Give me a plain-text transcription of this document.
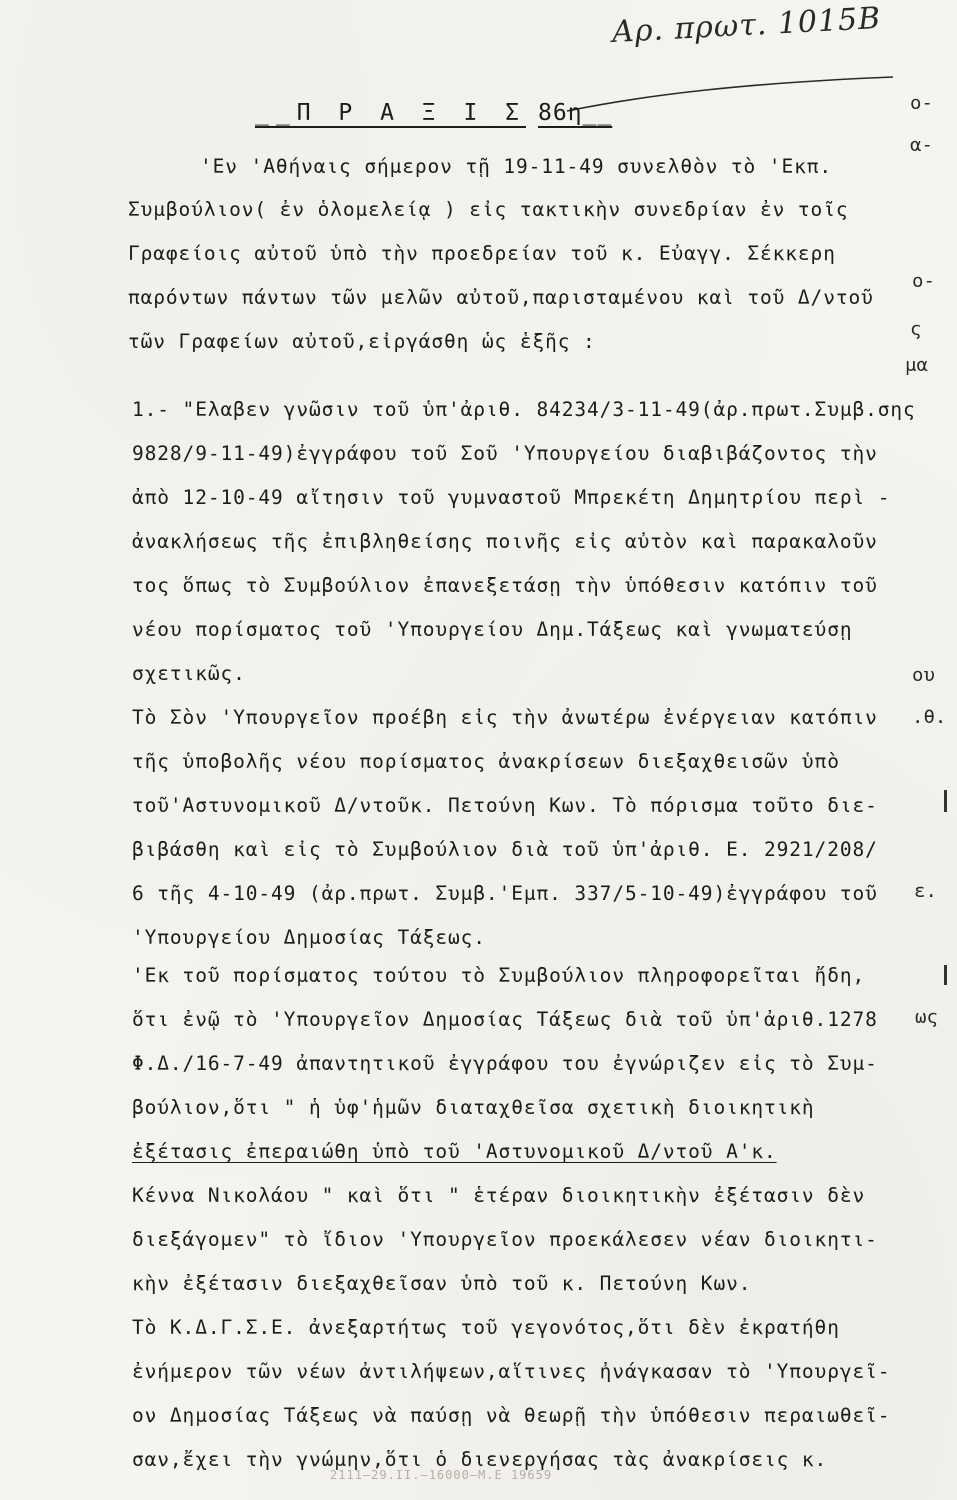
Αρ. πρωτ. 1015Β
__Π Ρ Α Ξ Ι Σ 86η__
'Εν 'Αθήναις σήμερον τῇ 19-11-49 συνελθὸν τὸ 'Εκπ.
Συμβούλιον( ἐν ὁλομελείᾳ ) εἰς τακτικὴν συνεδρίαν ἐν τοῖς
Γραφείοις αὐτοῦ ὑπὸ τὴν προεδρείαν τοῦ κ. Εὐαγγ. Σέκκερη
παρόντων πάντων τῶν μελῶν αὐτοῦ,παρισταμένου καὶ τοῦ Δ/ντοῦ
τῶν Γραφείων αὐτοῦ,εἰργάσθη ὡς ἑξῆς :
1.- "Ελαβεν γνῶσιν τοῦ ὑπ'ἀριθ. 84234/3-11-49(ἀρ.πρωτ.Συμβ.σης
9828/9-11-49)ἐγγράφου τοῦ Σοῦ 'Υπουργείου διαβιβάζοντος τὴν
ἀπὸ 12-10-49 αἴτησιν τοῦ γυμναστοῦ Μπρεκέτη Δημητρίου περὶ -
ἀνακλήσεως τῆς ἐπιβληθείσης ποινῆς εἰς αὐτὸν καὶ παρακαλοῦν
τος ὅπως τὸ Συμβούλιον ἐπανεξετάσῃ τὴν ὑπόθεσιν κατόπιν τοῦ
νέου πορίσματος τοῦ 'Υπουργείου Δημ.Τάξεως καὶ γνωματεύσῃ
σχετικῶς.
Τὸ Σὸν 'Υπουργεῖον προέβη εἰς τὴν ἀνωτέρω ἐνέργειαν κατόπιν
τῆς ὑποβολῆς νέου πορίσματος ἀνακρίσεων διεξαχθεισῶν ὑπὸ
τοῦ'Αστυνομικοῦ Δ/ντοῦκ. Πετούνη Κων. Τὸ πόρισμα τοῦτο διε-
βιβάσθη καὶ εἰς τὸ Συμβούλιον διὰ τοῦ ὑπ'ἀριθ. Ε. 2921/208/
6 τῆς 4-10-49 (ἀρ.πρωτ. Συμβ.'Εμπ. 337/5-10-49)ἐγγράφου τοῦ
'Υπουργείου Δημοσίας Τάξεως.
'Εκ τοῦ πορίσματος τούτου τὸ Συμβούλιον πληροφορεῖται ἤδη,
ὅτι ἐνῷ τὸ 'Υπουργεῖον Δημοσίας Τάξεως διὰ τοῦ ὑπ'ἀριθ.1278
Φ.Δ./16-7-49 ἀπαντητικοῦ ἐγγράφου του ἐγνώριζεν εἰς τὸ Συμ-
βούλιον,ὅτι " ἡ ὑφ'ἡμῶν διαταχθεῖσα σχετικὴ διοικητικὴ
ἐξέτασις ἐπεραιώθη ὑπὸ τοῦ 'Αστυνομικοῦ Δ/ντοῦ Α'κ.
Κέννα Νικολάου " καὶ ὅτι " ἑτέραν διοικητικὴν ἐξέτασιν δὲν
διεξάγομεν" τὸ ἴδιον 'Υπουργεῖον προεκάλεσεν νέαν διοικητι-
κὴν ἐξέτασιν διεξαχθεῖσαν ὑπὸ τοῦ κ. Πετούνη Κων.
Τὸ Κ.Δ.Γ.Σ.Ε. ἀνεξαρτήτως τοῦ γεγονότος,ὅτι δὲν ἐκρατήθη
ἐνήμερον τῶν νέων ἀντιλήψεων,αἵτινες ἠνάγκασαν τὸ 'Υπουργεῖ-
ον Δημοσίας Τάξεως νὰ παύσῃ νὰ θεωρῇ τὴν ὑπόθεσιν περαιωθεῖ-
σαν,ἔχει τὴν γνώμην,ὅτι ὁ διενεργήσας τὰς ἀνακρίσεις κ.
ο-
α-
ο-
ς
μα
ου
.θ.
ε.
ως
2111—29.II.—16000—Μ.Ε 19659
